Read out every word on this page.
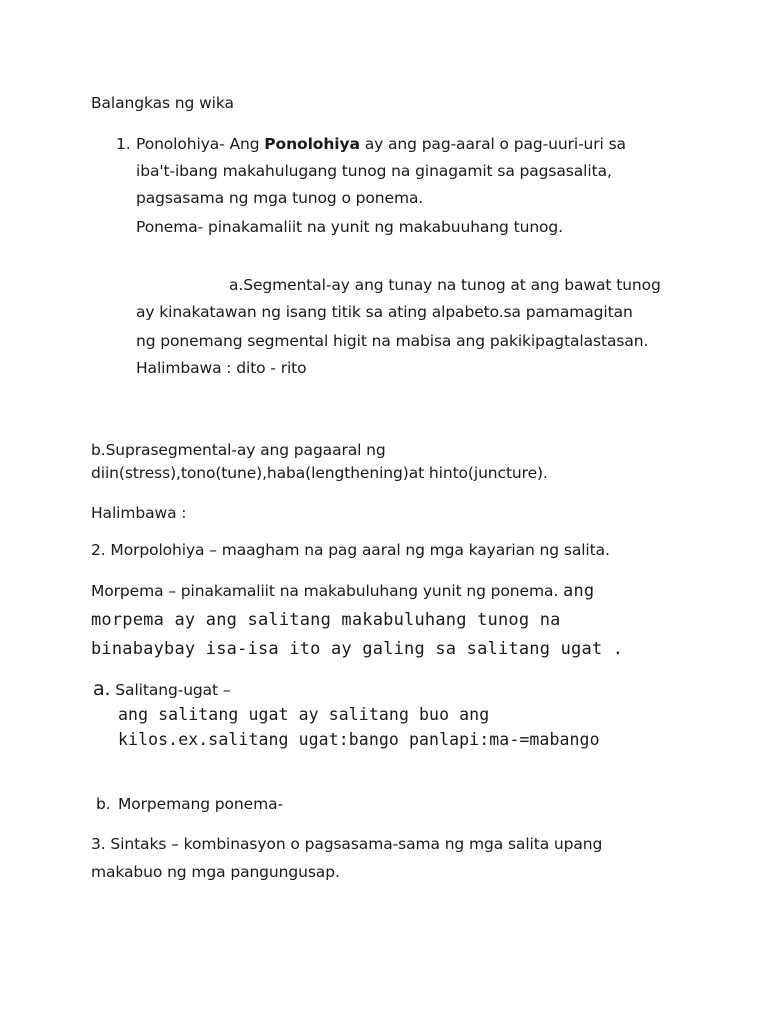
Balangkas ng wika
1. Ponolohiya- Ang Ponolohiya ay ang pag-aaral o pag-uuri-uri sa
iba't-ibang makahulugang tunog na ginagamit sa pagsasalita,
pagsasama ng mga tunog o ponema.
Ponema- pinakamaliit na yunit ng makabuuhang tunog.
a.Segmental-ay ang tunay na tunog at ang bawat tunog
ay kinakatawan ng isang titik sa ating alpabeto.sa pamamagitan
ng ponemang segmental higit na mabisa ang pakikipagtalastasan.
Halimbawa : dito - rito
b.Suprasegmental-ay ang pagaaral ng
diin(stress),tono(tune),haba(lengthening)at hinto(juncture).
Halimbawa :
2. Morpolohiya – maagham na pag aaral ng mga kayarian ng salita.
Morpema – pinakamaliit na makabuluhang yunit ng ponema. ang
morpema ay ang salitang makabuluhang tunog na
binabaybay isa-isa ito ay galing sa salitang ugat .
a. Salitang-ugat –
ang salitang ugat ay salitang buo ang
kilos.ex.salitang ugat:bango panlapi:ma-=mabango
b. Morpemang ponema-
3. Sintaks – kombinasyon o pagsasama-sama ng mga salita upang
makabuo ng mga pangungusap.
